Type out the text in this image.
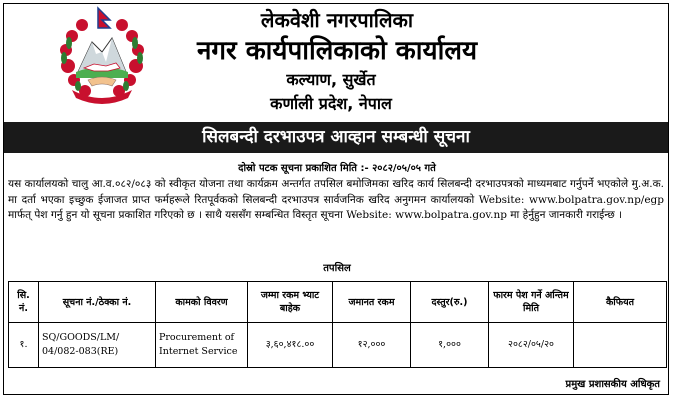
लेकवेशी नगरपालिका
नगर कार्यपालिकाको कार्यालय
कल्याण, सुर्खेत
कर्णाली प्रदेश, नेपाल
सिलबन्दी दरभाउपत्र आव्हान सम्बन्धी सूचना
दोस्रो पटक सूचना प्रकाशित मिति :- २०८२/०५/०५ गते
यस कार्यालयको चालु आ.व.०८२/०८३ को स्वीकृत योजना तथा कार्यक्रम अन्तर्गत तपसिल बमोजिमका खरिद कार्य सिलबन्दी दरभाउपत्रको माध्यमबाट गर्नुपर्ने भएकोले मु.अ.क. मा दर्ता भएका इच्छुक ईजाजत प्राप्त फर्महरूले रितपूर्वकको सिलबन्दी दरभाउपत्र सार्वजनिक खरिद अनुगमन कार्यालयको Website: www.bolpatra.gov.np/egp मार्फत् पेश गर्नु हुन यो सूचना प्रकाशित गरिएको छ । साथै यससँग सम्बन्धित विस्तृत सूचना Website: www.bolpatra.gov.np मा हेर्नुहुन जानकारी गराईन्छ ।
तपसिल
सि. नं.	सूचना नं./ठेक्का नं.	कामको विवरण	जम्मा रकम भ्याट बाहेक	जमानत रकम	दस्तुर(रु.)	फारम पेश गर्ने अन्तिम मिति	कैफियत
१.	SQ/GOODS/LM/ 04/082-083(RE)	Procurement of Internet Service	३,६०,४१८.००	१२,०००	१,०००	२०८२/०५/२०	
प्रमुख प्रशासकीय अधिकृत
